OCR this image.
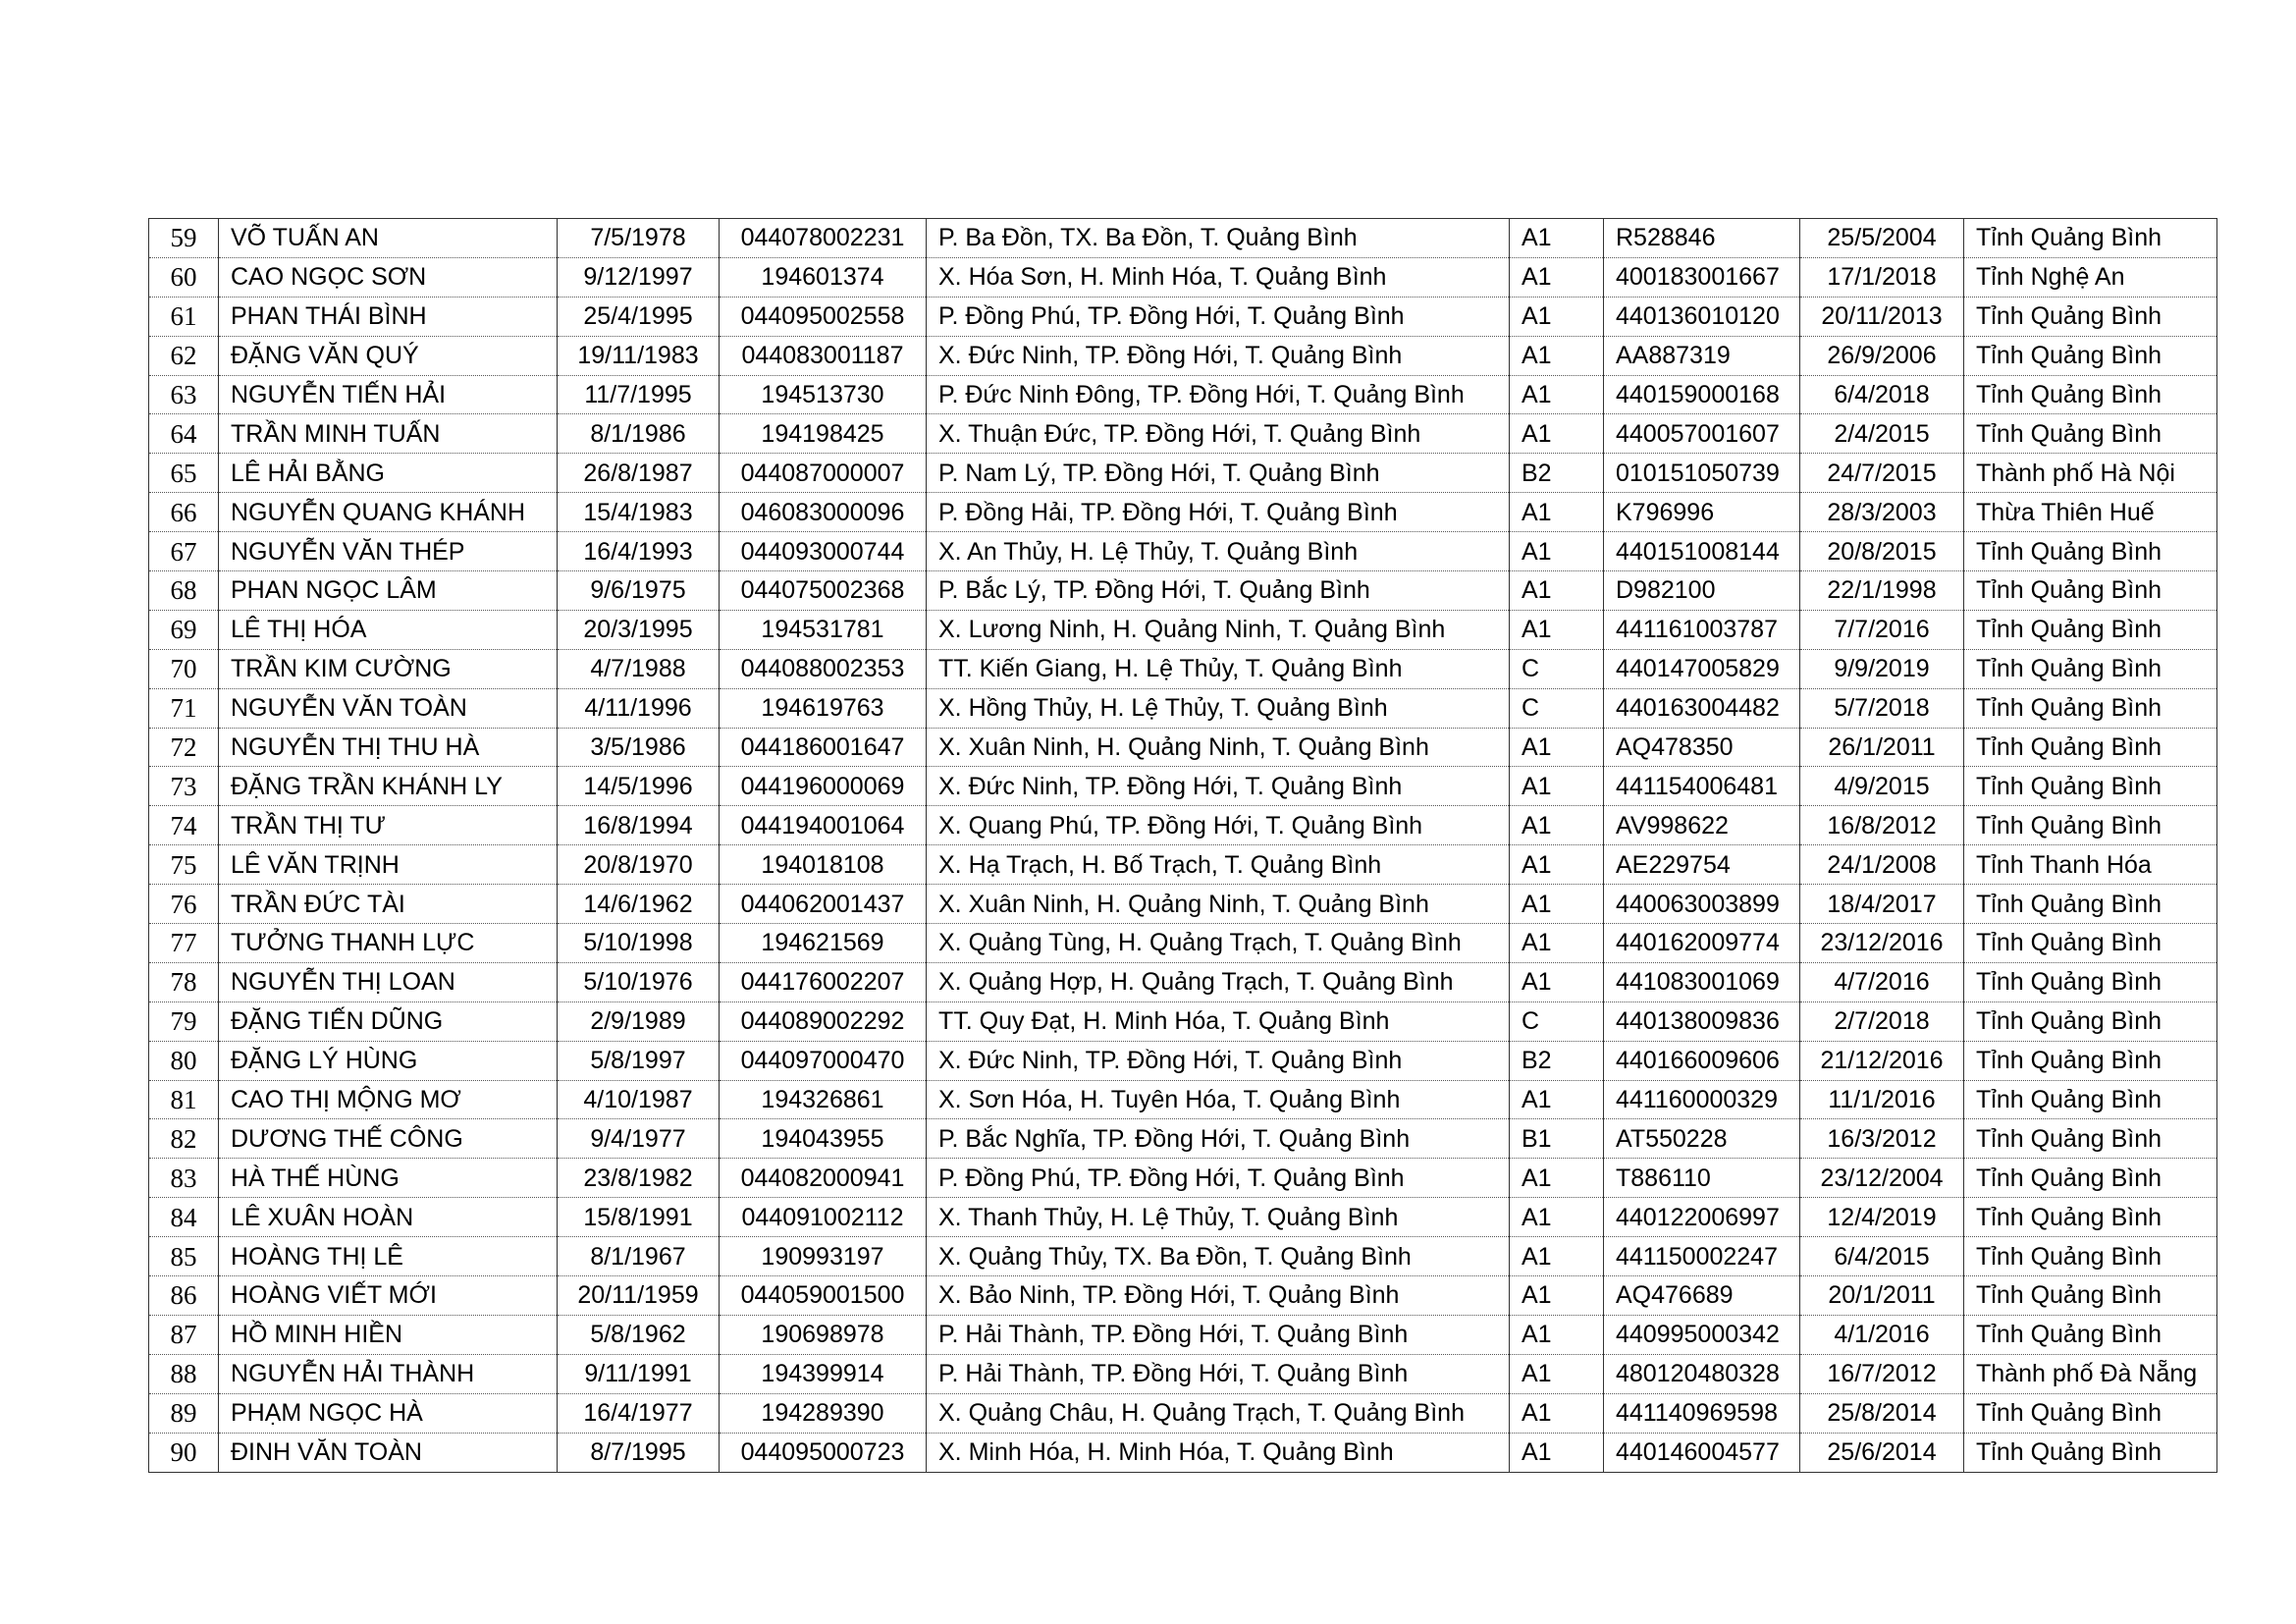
59	VÕ TUẤN AN	7/5/1978	044078002231	P. Ba Đồn, TX. Ba Đồn, T. Quảng Bình	A1	R528846	25/5/2004	Tỉnh Quảng Bình
60	CAO NGỌC SƠN	9/12/1997	194601374	X. Hóa Sơn, H. Minh Hóa, T. Quảng Bình	A1	400183001667	17/1/2018	Tỉnh Nghệ An
61	PHAN THÁI BÌNH	25/4/1995	044095002558	P. Đồng Phú, TP. Đồng Hới, T. Quảng Bình	A1	440136010120	20/11/2013	Tỉnh Quảng Bình
62	ĐẶNG VĂN QUÝ	19/11/1983	044083001187	X. Đức Ninh, TP. Đồng Hới, T. Quảng Bình	A1	AA887319	26/9/2006	Tỉnh Quảng Bình
63	NGUYỄN TIẾN HẢI	11/7/1995	194513730	P. Đức Ninh Đông, TP. Đồng Hới, T. Quảng Bình	A1	440159000168	6/4/2018	Tỉnh Quảng Bình
64	TRẦN MINH TUẤN	8/1/1986	194198425	X. Thuận Đức, TP. Đồng Hới, T. Quảng Bình	A1	440057001607	2/4/2015	Tỉnh Quảng Bình
65	LÊ HẢI BẰNG	26/8/1987	044087000007	P. Nam Lý, TP. Đồng Hới, T. Quảng Bình	B2	010151050739	24/7/2015	Thành phố Hà Nội
66	NGUYỄN QUANG KHÁNH	15/4/1983	046083000096	P. Đồng Hải, TP. Đồng Hới, T. Quảng Bình	A1	K796996	28/3/2003	Thừa Thiên Huế
67	NGUYỄN VĂN THÉP	16/4/1993	044093000744	X. An Thủy, H. Lệ Thủy, T. Quảng Bình	A1	440151008144	20/8/2015	Tỉnh Quảng Bình
68	PHAN NGỌC LÂM	9/6/1975	044075002368	P. Bắc Lý, TP. Đồng Hới, T. Quảng Bình	A1	D982100	22/1/1998	Tỉnh Quảng Bình
69	LÊ THỊ HÓA	20/3/1995	194531781	X. Lương Ninh, H. Quảng Ninh, T. Quảng Bình	A1	441161003787	7/7/2016	Tỉnh Quảng Bình
70	TRẦN KIM CƯỜNG	4/7/1988	044088002353	TT. Kiến Giang, H. Lệ Thủy, T. Quảng Bình	C	440147005829	9/9/2019	Tỉnh Quảng Bình
71	NGUYỄN VĂN TOÀN	4/11/1996	194619763	X. Hồng Thủy, H. Lệ Thủy, T. Quảng Bình	C	440163004482	5/7/2018	Tỉnh Quảng Bình
72	NGUYỄN THỊ THU HÀ	3/5/1986	044186001647	X. Xuân Ninh, H. Quảng Ninh, T. Quảng Bình	A1	AQ478350	26/1/2011	Tỉnh Quảng Bình
73	ĐẶNG TRẦN KHÁNH LY	14/5/1996	044196000069	X. Đức Ninh, TP. Đồng Hới, T. Quảng Bình	A1	441154006481	4/9/2015	Tỉnh Quảng Bình
74	TRẦN THỊ TƯ	16/8/1994	044194001064	X. Quang Phú, TP. Đồng Hới, T. Quảng Bình	A1	AV998622	16/8/2012	Tỉnh Quảng Bình
75	LÊ VĂN TRỊNH	20/8/1970	194018108	X. Hạ Trạch, H. Bố Trạch, T. Quảng Bình	A1	AE229754	24/1/2008	Tỉnh Thanh Hóa
76	TRẦN ĐỨC TÀI	14/6/1962	044062001437	X. Xuân Ninh, H. Quảng Ninh, T. Quảng Bình	A1	440063003899	18/4/2017	Tỉnh Quảng Bình
77	TƯỞNG THANH LỰC	5/10/1998	194621569	X. Quảng Tùng, H. Quảng Trạch, T. Quảng Bình	A1	440162009774	23/12/2016	Tỉnh Quảng Bình
78	NGUYỄN THỊ LOAN	5/10/1976	044176002207	X. Quảng Hợp, H. Quảng Trạch, T. Quảng Bình	A1	441083001069	4/7/2016	Tỉnh Quảng Bình
79	ĐẶNG TIẾN DŨNG	2/9/1989	044089002292	TT. Quy Đạt, H. Minh Hóa, T. Quảng Bình	C	440138009836	2/7/2018	Tỉnh Quảng Bình
80	ĐẶNG LÝ HÙNG	5/8/1997	044097000470	X. Đức Ninh, TP. Đồng Hới, T. Quảng Bình	B2	440166009606	21/12/2016	Tỉnh Quảng Bình
81	CAO THỊ MỘNG MƠ	4/10/1987	194326861	X. Sơn Hóa, H. Tuyên Hóa, T. Quảng Bình	A1	441160000329	11/1/2016	Tỉnh Quảng Bình
82	DƯƠNG THẾ CÔNG	9/4/1977	194043955	P. Bắc Nghĩa, TP. Đồng Hới, T. Quảng Bình	B1	AT550228	16/3/2012	Tỉnh Quảng Bình
83	HÀ THẾ HÙNG	23/8/1982	044082000941	P. Đồng Phú, TP. Đồng Hới, T. Quảng Bình	A1	T886110	23/12/2004	Tỉnh Quảng Bình
84	LÊ XUÂN HOÀN	15/8/1991	044091002112	X. Thanh Thủy, H. Lệ Thủy, T. Quảng Bình	A1	440122006997	12/4/2019	Tỉnh Quảng Bình
85	HOÀNG THỊ LÊ	8/1/1967	190993197	X. Quảng Thủy, TX. Ba Đồn, T. Quảng Bình	A1	441150002247	6/4/2015	Tỉnh Quảng Bình
86	HOÀNG VIẾT MỚI	20/11/1959	044059001500	X. Bảo Ninh, TP. Đồng Hới, T. Quảng Bình	A1	AQ476689	20/1/2011	Tỉnh Quảng Bình
87	HỒ MINH HIỀN	5/8/1962	190698978	P. Hải Thành, TP. Đồng Hới, T. Quảng Bình	A1	440995000342	4/1/2016	Tỉnh Quảng Bình
88	NGUYỄN HẢI THÀNH	9/11/1991	194399914	P. Hải Thành, TP. Đồng Hới, T. Quảng Bình	A1	480120480328	16/7/2012	Thành phố Đà Nẵng
89	PHẠM NGỌC HÀ	16/4/1977	194289390	X. Quảng Châu, H. Quảng Trạch, T. Quảng Bình	A1	441140969598	25/8/2014	Tỉnh Quảng Bình
90	ĐINH VĂN TOÀN	8/7/1995	044095000723	X. Minh Hóa, H. Minh Hóa, T. Quảng Bình	A1	440146004577	25/6/2014	Tỉnh Quảng Bình
